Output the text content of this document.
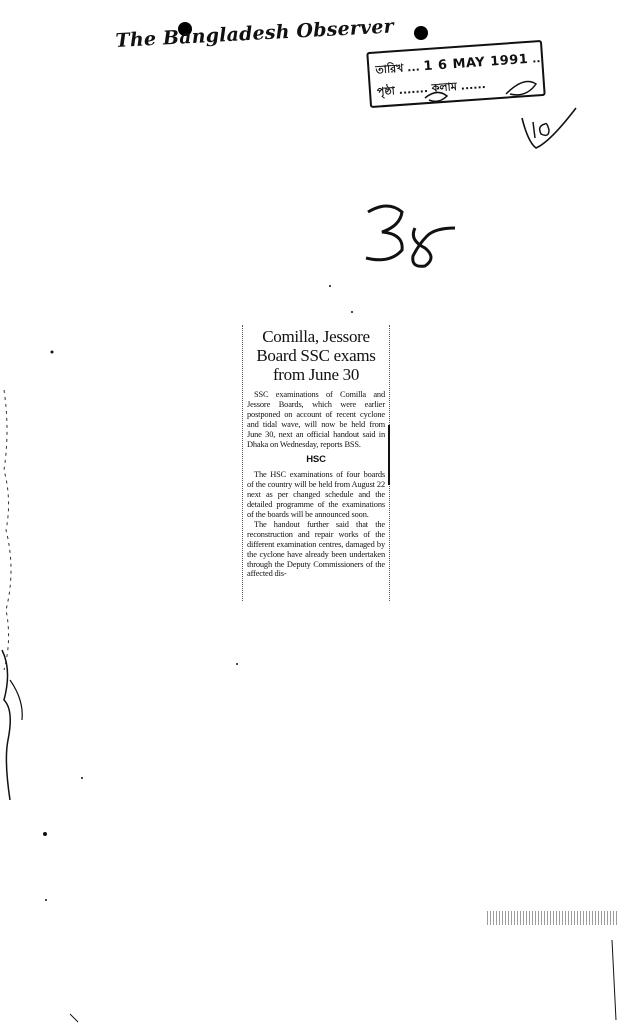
The Bangladesh Observer
তারিখ ... 1 6 MAY 1991 ..
পৃষ্ঠা ....... কলাম ......
Comilla, Jessore
Board SSC exams
from June 30

SSC examinations of Comilla and Jessore Boards, which were earlier postponed on account of recent cyclone and tidal wave, will now be held from June 30, next an official handout said in Dhaka on Wednesday, reports BSS.

HSC

The HSC examinations of four boards of the country will be held from August 22 next as per changed schedule and the detailed programme of the examinations of the boards will be announced soon.

The handout further said that the reconstruction and repair works of the different examination centres, damaged by the cyclone have already been undertaken through the Deputy Commissioners of the affected dis-
